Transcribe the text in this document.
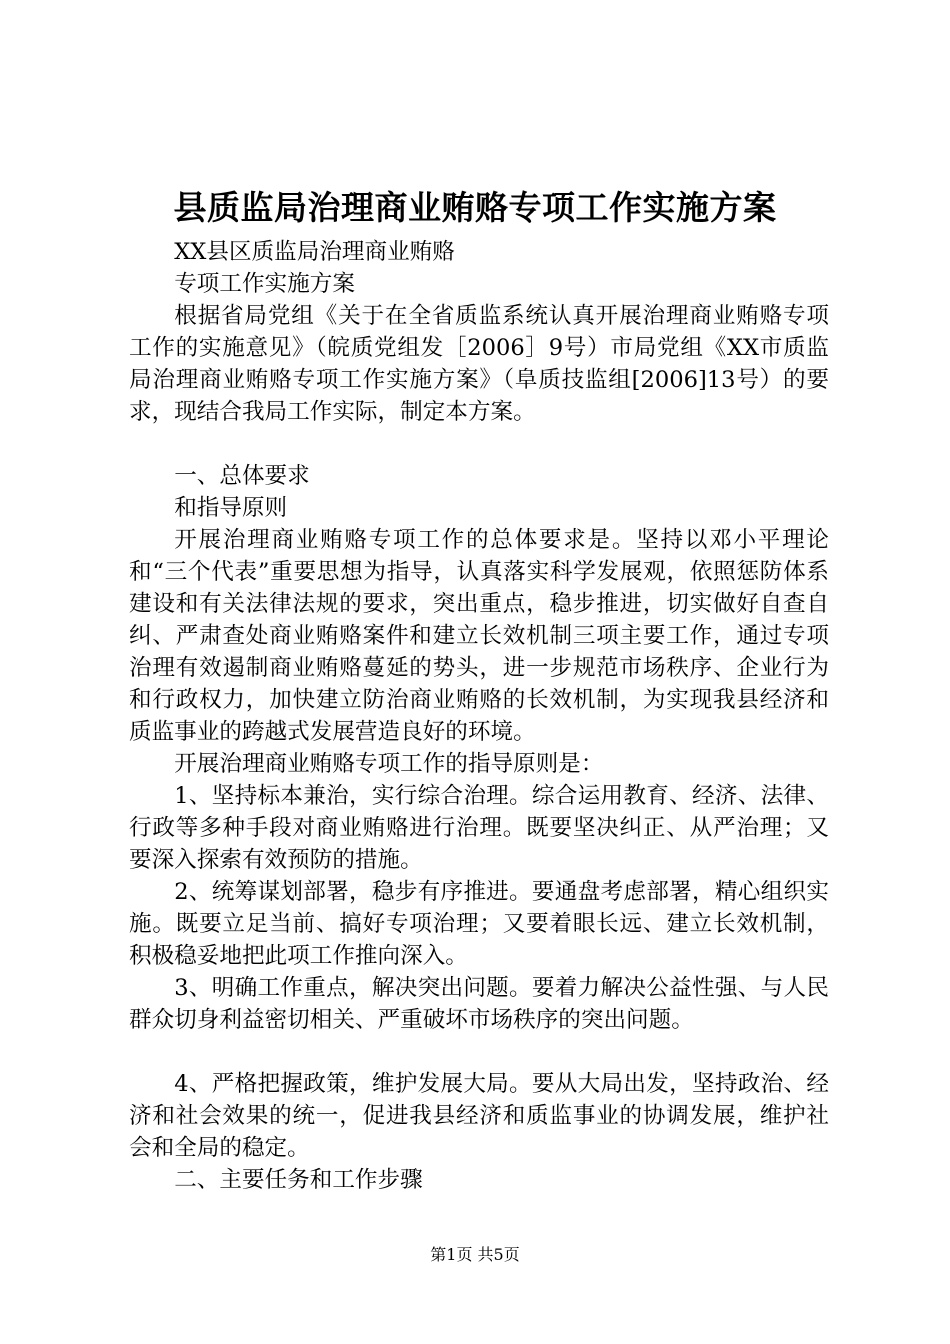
县质监局治理商业贿赂专项工作实施方案

XX县区质监局治理商业贿赂

专项工作实施方案

根据省局党组《关于在全省质监系统认真开展治理商业贿赂专项工作的实施意见》（皖质党组发［2006］9号）市局党组《XX市质监局治理商业贿赂专项工作实施方案》（阜质技监组[2006]13号）的要求，现结合我局工作实际，制定本方案。

一、总体要求

和指导原则

开展治理商业贿赂专项工作的总体要求是。坚持以邓小平理论和“三个代表”重要思想为指导，认真落实科学发展观，依照惩防体系建设和有关法律法规的要求，突出重点，稳步推进，切实做好自查自纠、严肃查处商业贿赂案件和建立长效机制三项主要工作，通过专项治理有效遏制商业贿赂蔓延的势头，进一步规范市场秩序、企业行为和行政权力，加快建立防治商业贿赂的长效机制，为实现我县经济和质监事业的跨越式发展营造良好的环境。

开展治理商业贿赂专项工作的指导原则是：

1、坚持标本兼治，实行综合治理。综合运用教育、经济、法律、行政等多种手段对商业贿赂进行治理。既要坚决纠正、从严治理；又要深入探索有效预防的措施。

2、统筹谋划部署，稳步有序推进。要通盘考虑部署，精心组织实施。既要立足当前、搞好专项治理；又要着眼长远、建立长效机制，积极稳妥地把此项工作推向深入。

3、明确工作重点，解决突出问题。要着力解决公益性强、与人民群众切身利益密切相关、严重破坏市场秩序的突出问题。

4、严格把握政策，维护发展大局。要从大局出发，坚持政治、经济和社会效果的统一，促进我县经济和质监事业的协调发展，维护社会和全局的稳定。

二、主要任务和工作步骤

第1页 共5页
